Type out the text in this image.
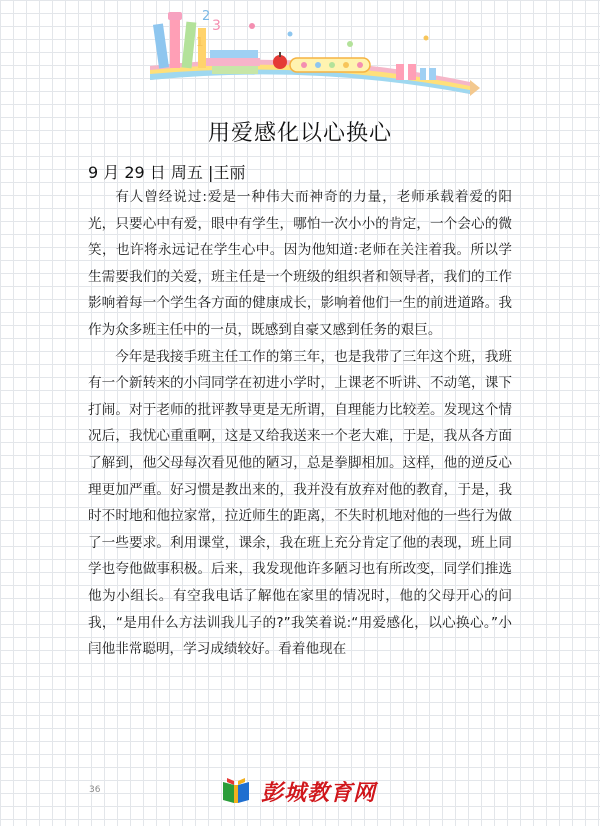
2
3
1
用爱感化以心换心
9 月 29 日 周五 |王丽

有人曾经说过:爱是一种伟大而神奇的力量，老师承载着爱的阳光，只要心中有爱，眼中有学生，哪怕一次小小的肯定，一个会心的微笑，也许将永远记在学生心中。因为他知道:老师在关注着我。所以学生需要我们的关爱，班主任是一个班级的组织者和领导者，我们的工作影响着每一个学生各方面的健康成长，影响着他们一生的前进道路。我作为众多班主任中的一员，既感到自豪又感到任务的艰巨。

今年是我接手班主任工作的第三年，也是我带了三年这个班，我班有一个新转来的小闫同学在初进小学时，上课老不听讲、不动笔，课下打闹。对于老师的批评教导更是无所谓，自理能力比较差。发现这个情况后，我忧心重重啊，这是又给我送来一个老大难，于是，我从各方面了解到，他父母每次看见他的陋习，总是拳脚相加。这样，他的逆反心理更加严重。好习惯是教出来的，我并没有放弃对他的教育，于是，我时不时地和他拉家常，拉近师生的距离，不失时机地对他的一些行为做了一些要求。利用课堂，课余，我在班上充分肯定了他的表现，班上同学也夸他做事积极。后来，我发现他许多陋习也有所改变，同学们推选他为小组长。有空我电话了解他在家里的情况时，他的父母开心的问我，“是用什么方法训我儿子的?”我笑着说:“用爱感化，以心换心。”小闫他非常聪明，学习成绩较好。看着他现在

36	彭城教育网
